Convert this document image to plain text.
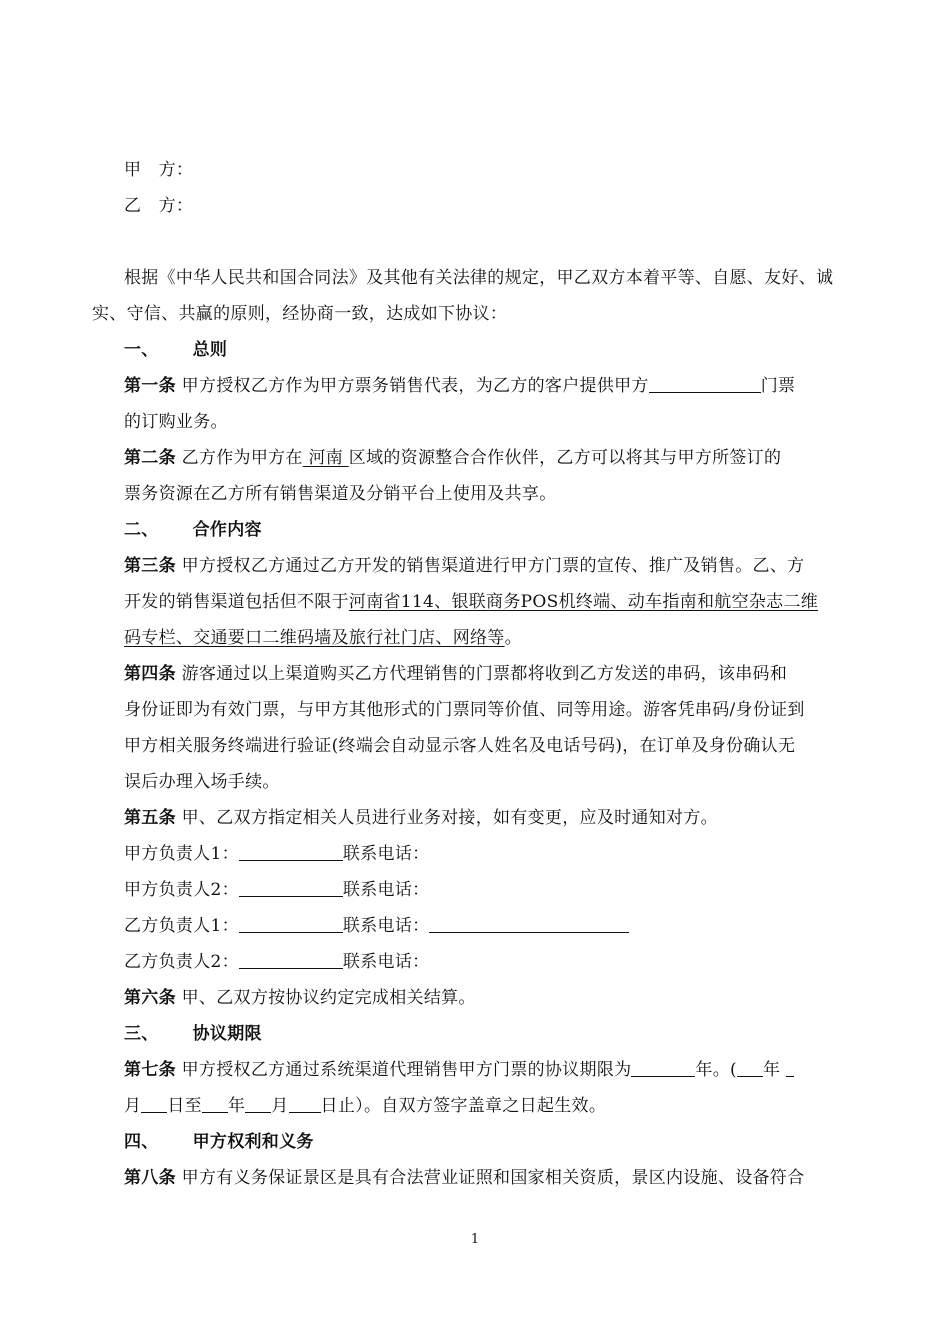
甲　方：
乙　方：
根据《中华人民共和国合同法》及其他有关法律的规定，甲乙双方本着平等、自愿、友好、诚
实、守信、共赢的原则，经协商一致，达成如下协议：
一、 总则
第一条 甲方授权乙方作为甲方票务销售代表，为乙方的客户提供甲方	门票
的订购业务。
第二条 乙方作为甲方在 河南 区域的资源整合合作伙伴，乙方可以将其与甲方所签订的
票务资源在乙方所有销售渠道及分销平台上使用及共享。
二、 合作内容
第三条 甲方授权乙方通过乙方开发的销售渠道进行甲方门票的宣传、推广及销售。乙、方
开发的销售渠道包括但不限于河南省114、银联商务POS机终端、动车指南和航空杂志二维
码专栏、交通要口二维码墙及旅行社门店、网络等。
第四条 游客通过以上渠道购买乙方代理销售的门票都将收到乙方发送的串码，该串码和
身份证即为有效门票，与甲方其他形式的门票同等价值、同等用途。游客凭串码/身份证到
甲方相关服务终端进行验证(终端会自动显示客人姓名及电话号码)，在订单及身份确认无
误后办理入场手续。
第五条 甲、乙双方指定相关人员进行业务对接，如有变更，应及时通知对方。
甲方负责人1：	联系电话：
甲方负责人2：	联系电话：
乙方负责人1：	联系电话：
乙方负责人2：	联系电话：
第六条 甲、乙双方按协议约定完成相关结算。
三、 协议期限
第七条 甲方授权乙方通过系统渠道代理销售甲方门票的协议期限为	年。( 年
月 日至 年 月 日止）。自双方签字盖章之日起生效。
四、 甲方权利和义务
第八条 甲方有义务保证景区是具有合法营业证照和国家相关资质，景区内设施、设备符合
1
